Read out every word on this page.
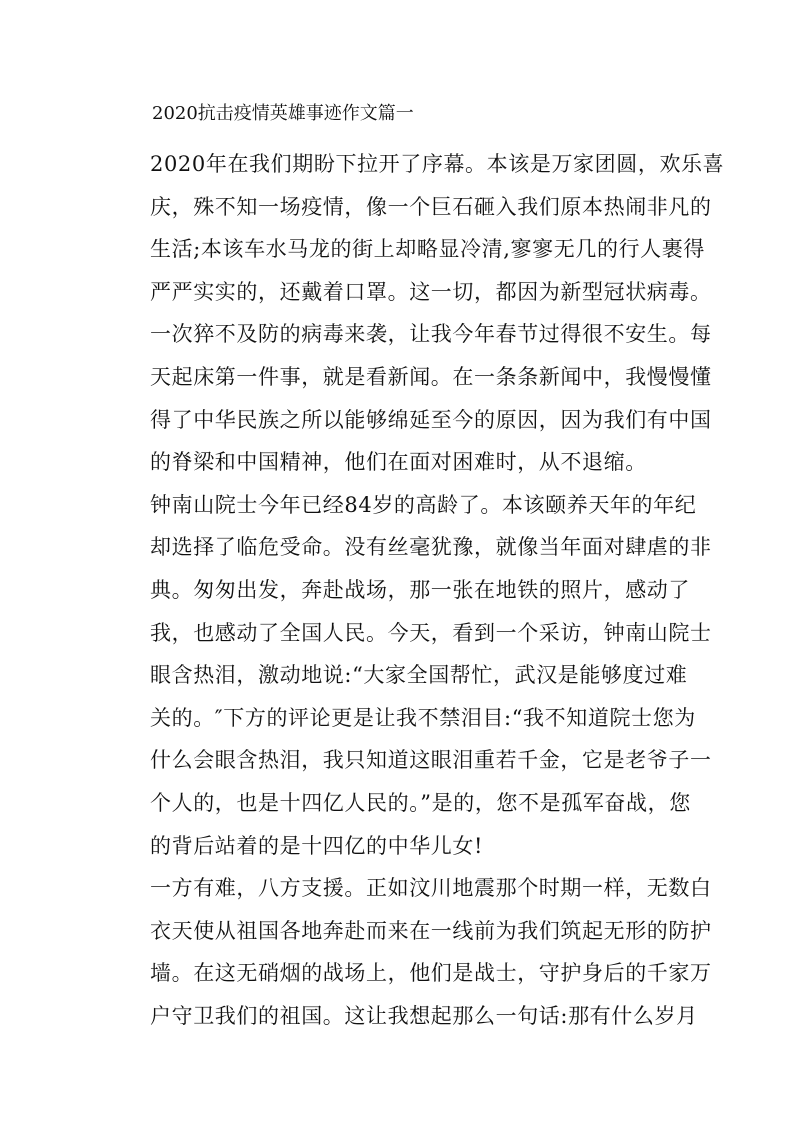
2020抗击疫情英雄事迹作文篇一
2020年在我们期盼下拉开了序幕。本该是万家团圆，欢乐喜
庆，殊不知一场疫情，像一个巨石砸入我们原本热闹非凡的
生活;本该车水马龙的街上却略显冷清,寥寥无几的行人裹得
严严实实的，还戴着口罩。这一切，都因为新型冠状病毒。
一次猝不及防的病毒来袭，让我今年春节过得很不安生。每
天起床第一件事，就是看新闻。在一条条新闻中，我慢慢懂
得了中华民族之所以能够绵延至今的原因，因为我们有中国
的脊梁和中国精神，他们在面对困难时，从不退缩。
钟南山院士今年已经84岁的高龄了。本该颐养天年的年纪
却选择了临危受命。没有丝毫犹豫，就像当年面对肆虐的非
典。匆匆出发，奔赴战场，那一张在地铁的照片，感动了
我，也感动了全国人民。今天，看到一个采访，钟南山院士
眼含热泪，激动地说:“大家全国帮忙，武汉是能够度过难
关的。″下方的评论更是让我不禁泪目:“我不知道院士您为
什么会眼含热泪，我只知道这眼泪重若千金，它是老爷子一
个人的，也是十四亿人民的。”是的，您不是孤军奋战，您
的背后站着的是十四亿的中华儿女!
一方有难，八方支援。正如汶川地震那个时期一样，无数白
衣天使从祖国各地奔赴而来在一线前为我们筑起无形的防护
墙。在这无硝烟的战场上，他们是战士，守护身后的千家万
户守卫我们的祖国。这让我想起那么一句话:那有什么岁月
